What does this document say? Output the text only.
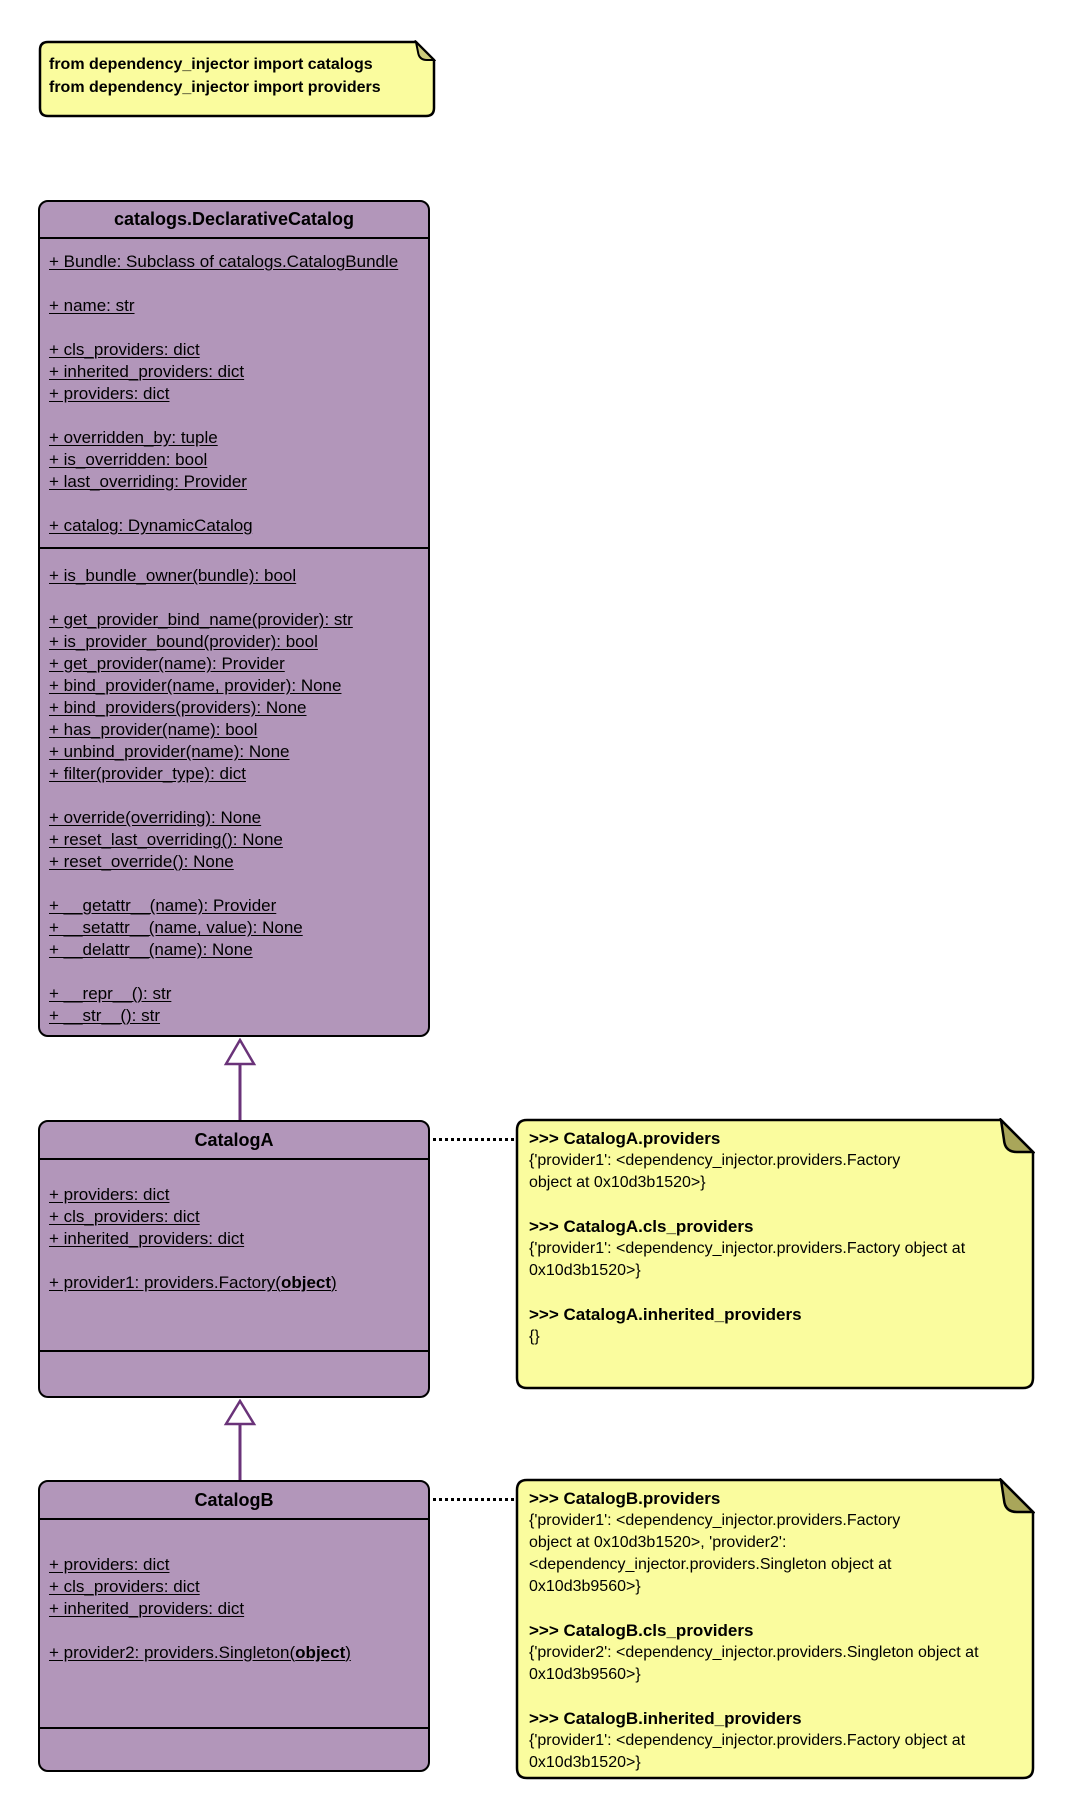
from dependency_injector import catalogs
from dependency_injector import providers
catalogs.DeclarativeCatalog
+ Bundle: Subclass of catalogs.CatalogBundle

+ name: str

+ cls_providers: dict
+ inherited_providers: dict
+ providers: dict

+ overridden_by: tuple
+ is_overridden: bool
+ last_overriding: Provider

+ catalog: DynamicCatalog
+ is_bundle_owner(bundle): bool

+ get_provider_bind_name(provider): str
+ is_provider_bound(provider): bool
+ get_provider(name): Provider
+ bind_provider(name, provider): None
+ bind_providers(providers): None
+ has_provider(name): bool
+ unbind_provider(name): None
+ filter(provider_type): dict

+ override(overriding): None
+ reset_last_overriding(): None
+ reset_override(): None

+ __getattr__(name): Provider
+ __setattr__(name, value): None
+ __delattr__(name): None

+ __repr__(): str
+ __str__(): str
CatalogA
+ providers: dict
+ cls_providers: dict
+ inherited_providers: dict

+ provider1: providers.Factory(object)
>>> CatalogA.providers
{'provider1': <dependency_injector.providers.Factory
object at 0x10d3b1520>}

>>> CatalogA.cls_providers
{'provider1': <dependency_injector.providers.Factory object at
0x10d3b1520>}

>>> CatalogA.inherited_providers
{}
CatalogB
+ providers: dict
+ cls_providers: dict
+ inherited_providers: dict

+ provider2: providers.Singleton(object)
>>> CatalogB.providers
{'provider1': <dependency_injector.providers.Factory
object at 0x10d3b1520>, 'provider2':
<dependency_injector.providers.Singleton object at
0x10d3b9560>}

>>> CatalogB.cls_providers
{'provider2': <dependency_injector.providers.Singleton object at
0x10d3b9560>}

>>> CatalogB.inherited_providers
{'provider1': <dependency_injector.providers.Factory object at
0x10d3b1520>}
